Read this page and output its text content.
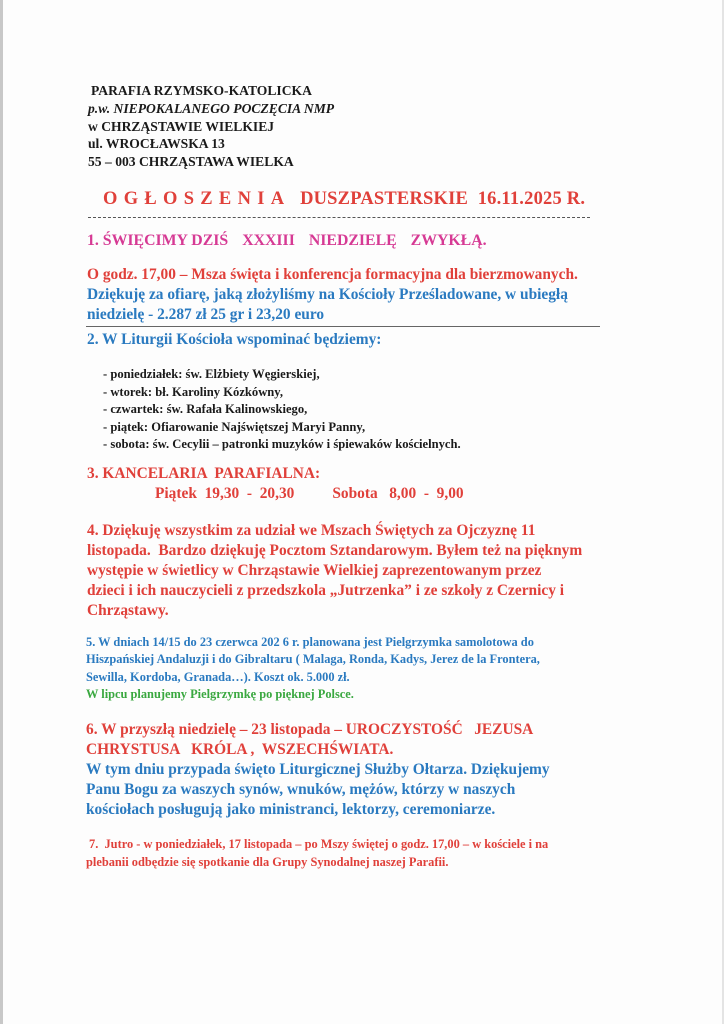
PARAFIA RZYMSKO-KATOLICKA
p.w. NIEPOKALANEGO POCZĘCIA NMP
w CHRZĄSTAWIE WIELKIEJ
ul. WROCŁAWSKA 13
55 – 003 CHRZĄSTAWA WIELKA
OGŁOSZENIA DUSZPASTERSKIE 16.11.2025 R.
1. ŚWIĘCIMY DZIŚ XXXIII NIEDZIELĘ ZWYKŁĄ.
O godz. 17,00 – Msza święta i konferencja formacyjna dla bierzmowanych.
Dziękuję za ofiarę, jaką złożyliśmy na Kościoły Prześladowane, w ubiegłą
niedzielę - 2.287 zł 25 gr i 23,20 euro
2. W Liturgii Kościoła wspominać będziemy:
- poniedziałek: św. Elżbiety Węgierskiej,
- wtorek: bł. Karoliny Kózkówny,
- czwartek: św. Rafała Kalinowskiego,
- piątek: Ofiarowanie Najświętszej Maryi Panny,
- sobota: św. Cecylii – patronki muzyków i śpiewaków kościelnych.
3. KANCELARIA  PARAFIALNA:
Piątek  19,30  -  20,30 Sobota   8,00  -  9,00
4. Dziękuję wszystkim za udział we Mszach Świętych za Ojczyznę 11
listopada.  Bardzo dziękuję Pocztom Sztandarowym. Byłem też na pięknym
występie w świetlicy w Chrząstawie Wielkiej zaprezentowanym przez
dzieci i ich nauczycieli z przedszkola „Jutrzenka” i ze szkoły z Czernicy i
Chrząstawy.
5. W dniach 14/15 do 23 czerwca 202 6 r. planowana jest Pielgrzymka samolotowa do
Hiszpańskiej Andaluzji i do Gibraltaru ( Malaga, Ronda, Kadys, Jerez de la Frontera,
Sewilla, Kordoba, Granada…). Koszt ok. 5.000 zł.
W lipcu planujemy Pielgrzymkę po pięknej Polsce.
6. W przyszłą niedzielę – 23 listopada – UROCZYSTOŚĆ   JEZUSA
CHRYSTUSA   KRÓLA ,  WSZECHŚWIATA.
W tym dniu przypada święto Liturgicznej Służby Ołtarza. Dziękujemy
Panu Bogu za waszych synów, wnuków, mężów, którzy w naszych
kościołach posługują jako ministranci, lektorzy, ceremoniarze.
7.  Jutro - w poniedziałek, 17 listopada – po Mszy świętej o godz. 17,00 – w kościele i na
plebanii odbędzie się spotkanie dla Grupy Synodalnej naszej Parafii.
